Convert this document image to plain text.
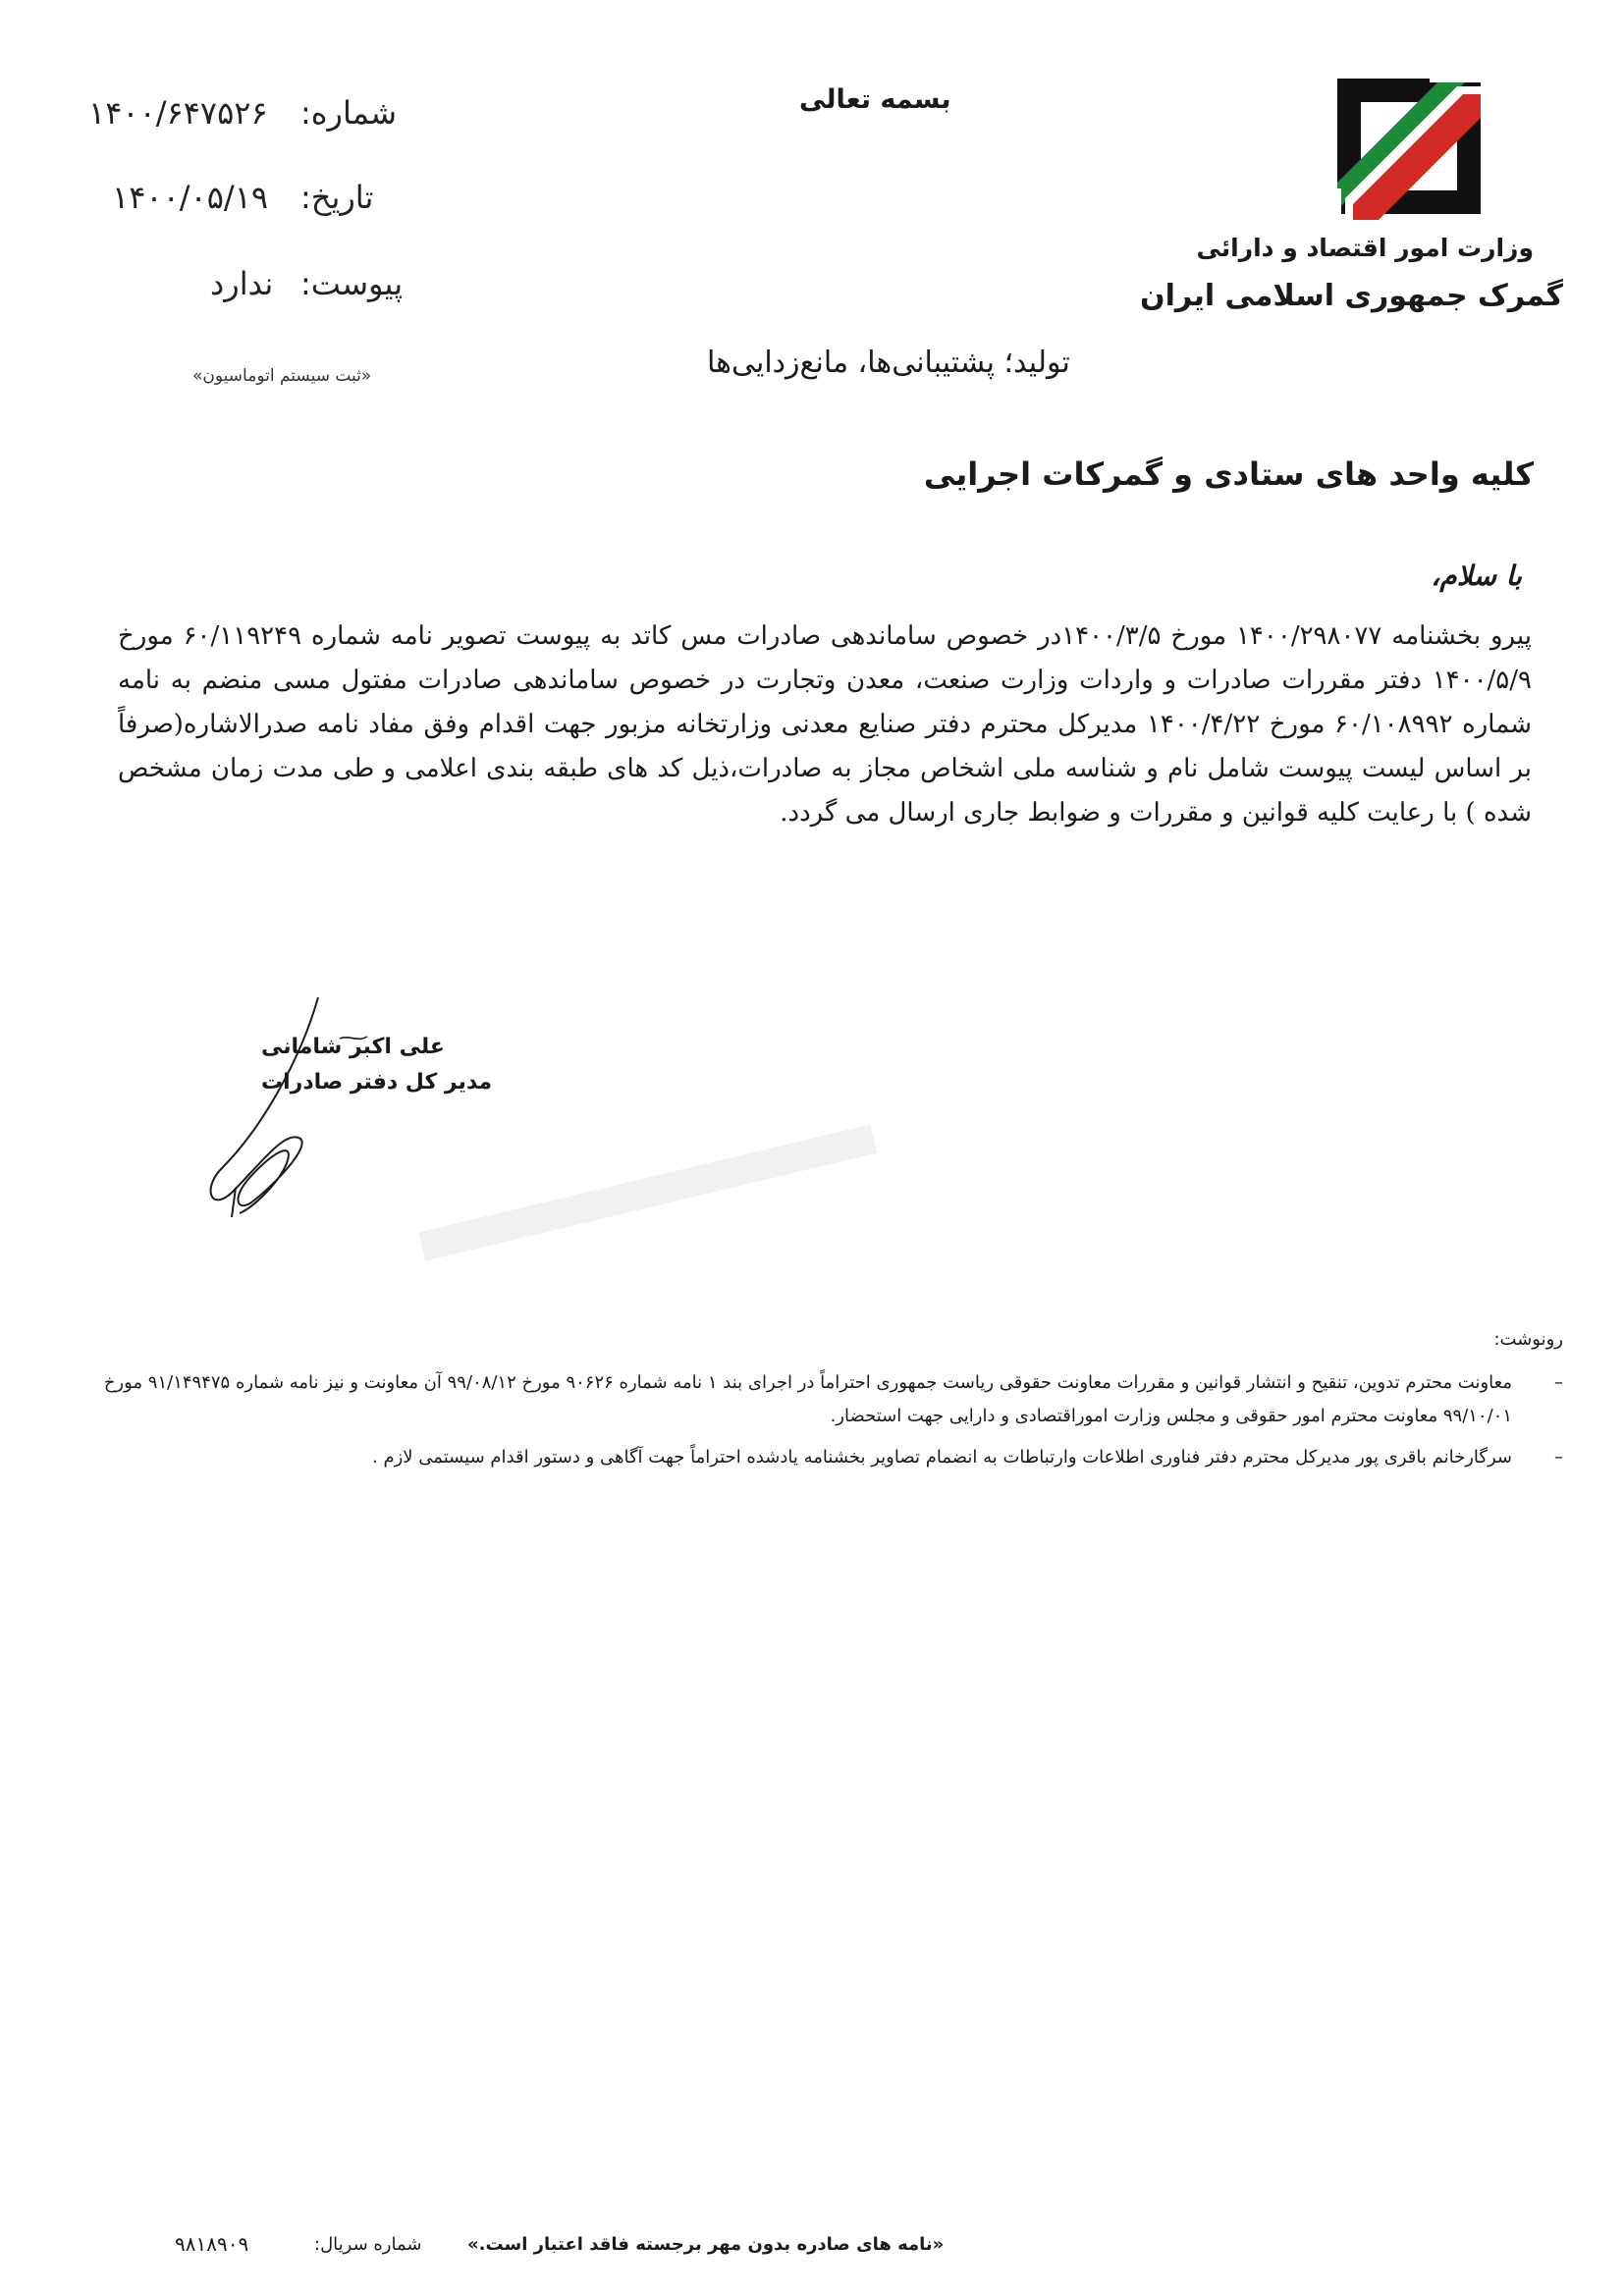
وزارت امور اقتصاد و دارائی
گمرک جمهوری اسلامی ایران
بسمه تعالی
شماره:
۱۴۰۰/۶۴۷۵۲۶
تاریخ:
۱۴۰۰/۰۵/۱۹
پیوست:
ندارد
«ثبت سیستم اتوماسیون»	تولید؛ پشتیبانی‌ها، مانع‌زدایی‌ها
کلیه واحد های ستادی و گمرکات اجرایی
با سلام،
پیرو بخشنامه ۱۴۰۰/۲۹۸۰۷۷ مورخ ۱۴۰۰/۳/۵در خصوص ساماندهی صادرات مس کاتد به پیوست تصویر نامه شماره ۶۰/۱۱۹۲۴۹ مورخ ۱۴۰۰/۵/۹ دفتر مقررات صادرات و واردات وزارت صنعت، معدن وتجارت در خصوص ساماندهی صادرات مفتول مسی منضم به نامه شماره ۶۰/۱۰۸۹۹۲ مورخ ۱۴۰۰/۴/۲۲ مدیرکل محترم دفتر صنایع معدنی وزارتخانه مزبور جهت اقدام وفق مفاد نامه صدرالاشاره(صرفاً بر اساس لیست پیوست شامل نام و شناسه ملی اشخاص مجاز به صادرات،ذیل کد های طبقه بندی اعلامی و طی مدت زمان مشخص شده ) با رعایت کلیه قوانین و مقررات و ضوابط جاری ارسال می گردد.
علی اکبر شامانی
مدیر کل دفتر صادرات
رونوشت:
–
معاونت محترم تدوین، تنقیح و انتشار قوانین و مقررات معاونت حقوقی ریاست جمهوری احتراماً در اجرای بند ۱ نامه شماره ۹۰۶۲۶ مورخ ۹۹/۰۸/۱۲ آن معاونت و نیز نامه شماره ۹۱/۱۴۹۴۷۵ مورخ ۹۹/۱۰/۰۱ معاونت محترم امور حقوقی و مجلس وزارت اموراقتصادی و دارایی جهت استحضار.
–
سرگارخانم باقری پور مدیرکل محترم دفتر فناوری اطلاعات وارتباطات به انضمام تصاویر بخشنامه یادشده احتراماً جهت آگاهی و دستور اقدام سیستمی لازم .
«نامه های صادره بدون مهر برجسته فاقد اعتبار است.»
شماره سریال:
۹۸۱۸۹۰۹
